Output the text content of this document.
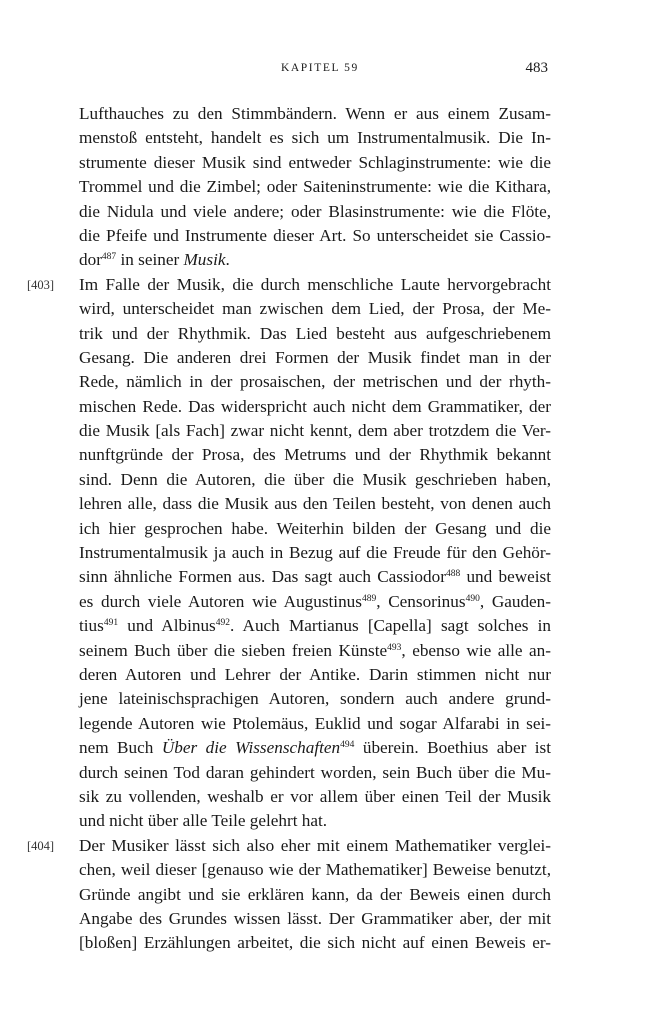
KAPITEL 59	483
Lufthauches zu den Stimmbändern. Wenn er aus einem Zusam-
menstoß entsteht, handelt es sich um Instrumentalmusik. Die In-
strumente dieser Musik sind entweder Schlaginstrumente: wie die
Trommel und die Zimbel; oder Saiteninstrumente: wie die Kithara,
die Nidula und viele andere; oder Blasinstrumente: wie die Flöte,
die Pfeife und Instrumente dieser Art. So unterscheidet sie Cassio-
dor$^{487}$ in seiner Musik.
[403] Im Falle der Musik, die durch menschliche Laute hervorgebracht
wird, unterscheidet man zwischen dem Lied, der Prosa, der Me-
trik und der Rhythmik. Das Lied besteht aus aufgeschriebenem
Gesang. Die anderen drei Formen der Musik findet man in der
Rede, nämlich in der prosaischen, der metrischen und der rhyth-
mischen Rede. Das widerspricht auch nicht dem Grammatiker, der
die Musik [als Fach] zwar nicht kennt, dem aber trotzdem die Ver-
nunftgründe der Prosa, des Metrums und der Rhythmik bekannt
sind. Denn die Autoren, die über die Musik geschrieben haben,
lehren alle, dass die Musik aus den Teilen besteht, von denen auch
ich hier gesprochen habe. Weiterhin bilden der Gesang und die
Instrumentalmusik ja auch in Bezug auf die Freude für den Gehör-
sinn ähnliche Formen aus. Das sagt auch Cassiodor$^{488}$ und beweist
es durch viele Autoren wie Augustinus$^{489}$, Censorinus$^{490}$, Gauden-
tius$^{491}$ und Albinus$^{492}$. Auch Martianus [Capella] sagt solches in
seinem Buch über die sieben freien Künste$^{493}$, ebenso wie alle an-
deren Autoren und Lehrer der Antike. Darin stimmen nicht nur
jene lateinischsprachigen Autoren, sondern auch andere grund-
legende Autoren wie Ptolemäus, Euklid und sogar Alfarabi in sei-
nem Buch Über die Wissenschaften$^{494}$ überein. Boethius aber ist
durch seinen Tod daran gehindert worden, sein Buch über die Mu-
sik zu vollenden, weshalb er vor allem über einen Teil der Musik
und nicht über alle Teile gelehrt hat.
[404] Der Musiker lässt sich also eher mit einem Mathematiker verglei-
chen, weil dieser [genauso wie der Mathematiker] Beweise benutzt,
Gründe angibt und sie erklären kann, da der Beweis einen durch
Angabe des Grundes wissen lässt. Der Grammatiker aber, der mit
[bloßen] Erzählungen arbeitet, die sich nicht auf einen Beweis er-
